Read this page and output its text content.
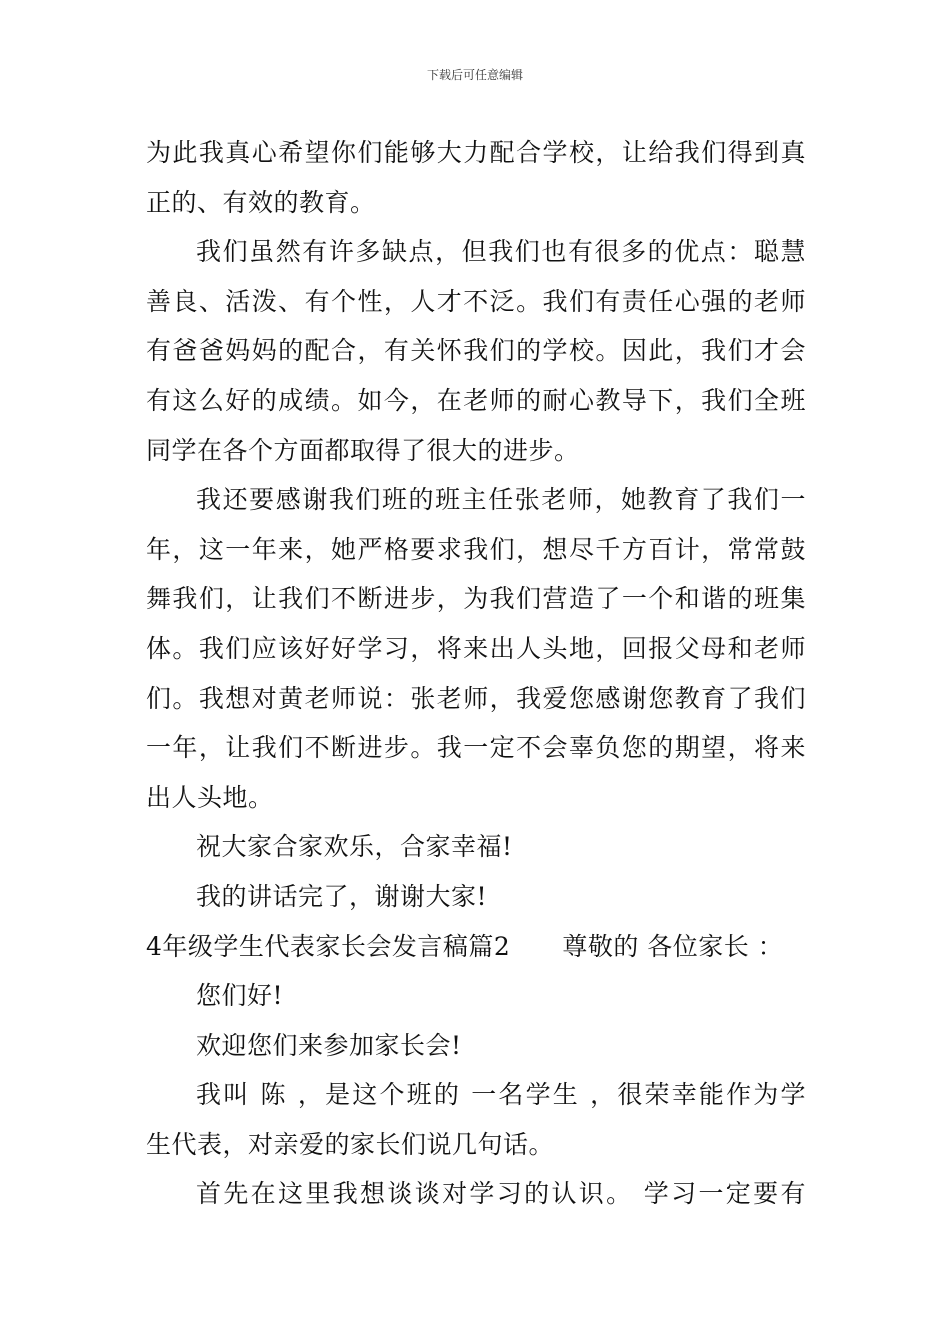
下载后可任意编辑
为此我真心希望你们能够大力配合学校，让给我们得到真
正的、有效的教育。
我们虽然有许多缺点，但我们也有很多的优点：聪慧
善良、活泼、有个性，人才不泛。我们有责任心强的老师
有爸爸妈妈的配合，有关怀我们的学校。因此，我们才会
有这么好的成绩。如今，在老师的耐心教导下，我们全班
同学在各个方面都取得了很大的进步。
我还要感谢我们班的班主任张老师，她教育了我们一
年，这一年来，她严格要求我们，想尽千方百计，常常鼓
舞我们，让我们不断进步，为我们营造了一个和谐的班集
体。我们应该好好学习，将来出人头地，回报父母和老师
们。我想对黄老师说：张老师，我爱您感谢您教育了我们
一年，让我们不断进步。我一定不会辜负您的期望，将来
出人头地。
祝大家合家欢乐，合家幸福!
我的讲话完了，谢谢大家!
4年级学生代表家长会发言稿篇2 尊敬的 各位家长 ：
您们好!
欢迎您们来参加家长会!
我叫 陈 ，是这个班的 一名学生 ，很荣幸能作为学
生代表，对亲爱的家长们说几句话。
首先在这里我想谈谈对学习的认识。 学习一定要有
